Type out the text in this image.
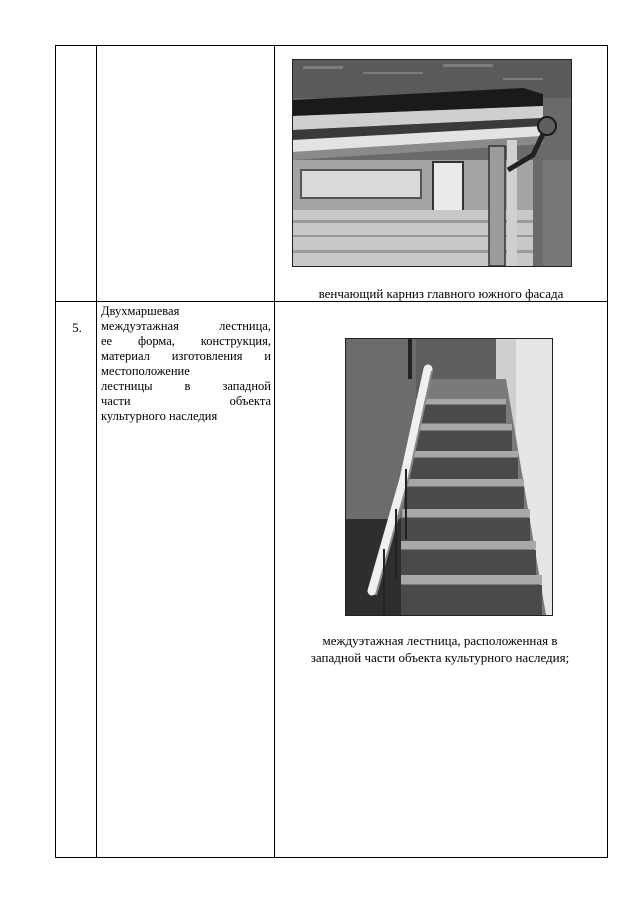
венчающий карниз главного южного фасада
5.
Двухмаршевая
междуэтажная лестница,
ее форма, конструкция,
материал изготовления и
местоположение
лестницы в западной
части объекта
культурного наследия
междуэтажная лестница, расположенная в
западной части объекта культурного наследия;
